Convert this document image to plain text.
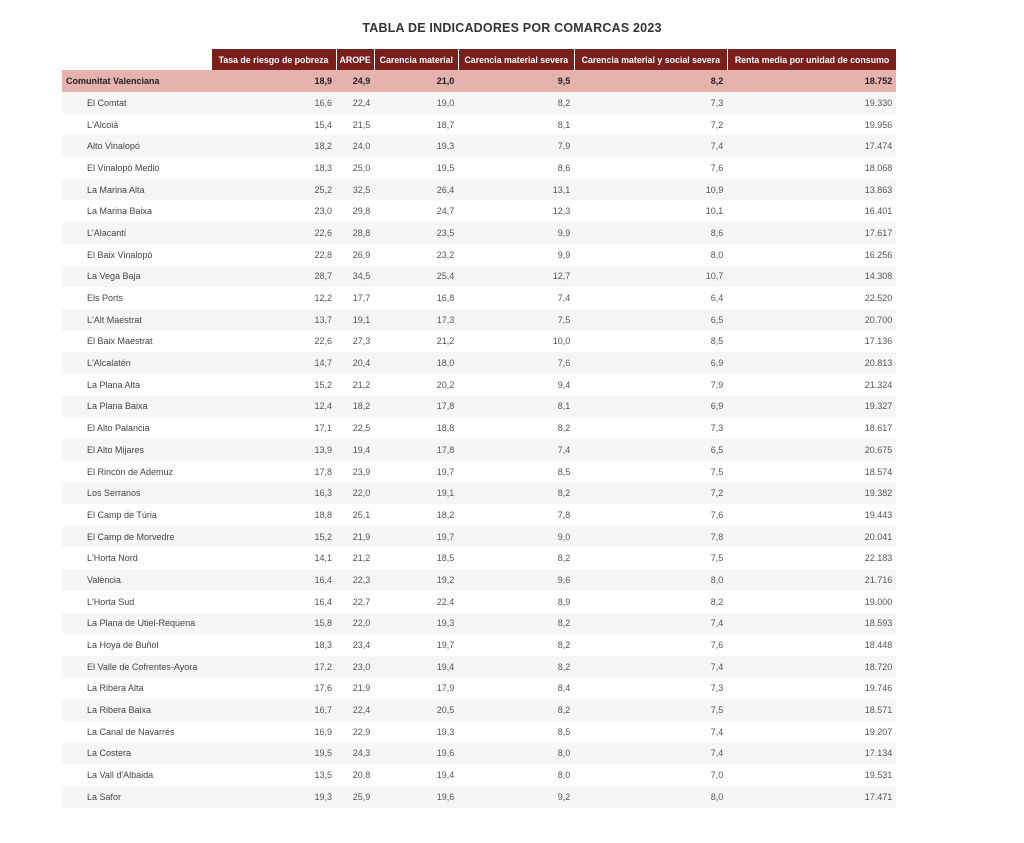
TABLA DE INDICADORES POR COMARCAS 2023
	Tasa de riesgo de pobreza	AROPE	Carencia material	Carencia material severa	Carencia material y social severa	Renta media por unidad de consumo
Comunitat Valenciana	18,9	24,9	21,0	9,5	8,2	18.752
El Comtat	16,6	22,4	19,0	8,2	7,3	19.330
L'Alcoià	15,4	21,5	18,7	8,1	7,2	19.956
Alto Vinalopó	18,2	24,0	19,3	7,9	7,4	17.474
El Vinalopó Medio	18,3	25,0	19,5	8,6	7,6	18.068
La Marina Alta	25,2	32,5	26,4	13,1	10,9	13.863
La Marina Baixa	23,0	29,8	24,7	12,3	10,1	16.401
L'Alacantí	22,6	28,8	23,5	9,9	8,6	17.617
El Baix Vinalopó	22,8	26,9	23,2	9,9	8,0	16.256
La Vega Baja	28,7	34,5	25,4	12,7	10,7	14.308
Els Ports	12,2	17,7	16,8	7,4	6,4	22.520
L'Alt Maestrat	13,7	19,1	17,3	7,5	6,5	20.700
El Baix Maestrat	22,6	27,3	21,2	10,0	8,5	17.136
L'Alcalatén	14,7	20,4	18,0	7,6	6,9	20.813
La Plana Alta	15,2	21,2	20,2	9,4	7,9	21.324
La Plana Baixa	12,4	18,2	17,8	8,1	6,9	19.327
El Alto Palancia	17,1	22,5	18,8	8,2	7,3	18.617
El Alto Mijares	13,9	19,4	17,8	7,4	6,5	20.675
El Rincón de Ademuz	17,8	23,9	19,7	8,5	7,5	18.574
Los Serranos	16,3	22,0	19,1	8,2	7,2	19.382
El Camp de Túria	18,8	25,1	18,2	7,8	7,6	19.443
El Camp de Morvedre	15,2	21,9	19,7	9,0	7,8	20.041
L'Horta Nord	14,1	21,2	18,5	8,2	7,5	22.183
València	16,4	22,3	19,2	9,6	8,0	21.716
L'Horta Sud	16,4	22,7	22,4	8,9	8,2	19.000
La Plana de Utiel-Requena	15,8	22,0	19,3	8,2	7,4	18.593
La Hoya de Buñol	18,3	23,4	19,7	8,2	7,6	18.448
El Valle de Cofrentes-Ayora	17,2	23,0	19,4	8,2	7,4	18.720
La Ribera Alta	17,6	21,9	17,9	8,4	7,3	19.746
La Ribera Baixa	16,7	22,4	20,5	8,2	7,5	18.571
La Canal de Navarrés	16,9	22,9	19,3	8,5	7,4	19.207
La Costera	19,5	24,3	19,6	8,0	7,4	17.134
La Vall d'Albaida	13,5	20,8	19,4	8,0	7,0	19.531
La Safor	19,3	25,9	19,6	9,2	8,0	17.471
